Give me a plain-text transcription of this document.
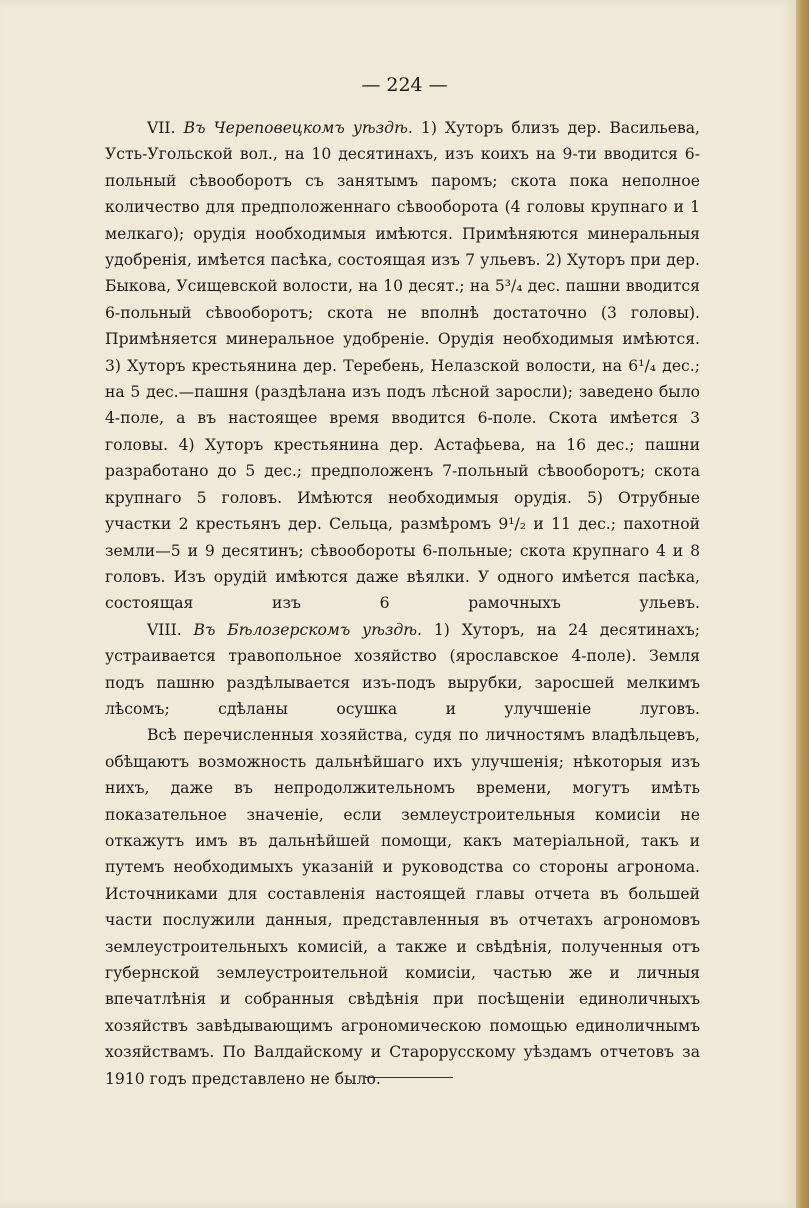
— 224 —

VII. Въ Череповецкомъ уѣздѣ. 1) Хуторъ близъ дер. Васильева, Усть-Угольской вол., на 10 десятинахъ, изъ коихъ на 9-ти вводится 6-польный сѣвооборотъ съ занятымъ паромъ; скота пока неполное количество для предположеннаго сѣвооборота (4 головы крупнаго и 1 мелкаго); орудія нообходимыя имѣются. Примѣняются минеральныя удобренія, имѣется пасѣка, состоящая изъ 7 ульевъ. 2) Хуторъ при дер. Быкова, Усищевской волости, на 10 десят.; на 5³/₄ дес. пашни вводится 6-польный сѣвооборотъ; скота не вполнѣ достаточно (3 головы). Примѣняется минеральное удобреніе. Орудія необходимыя имѣются. 3) Хуторъ крестьянина дер. Теребень, Нелазской волости, на 6¹/₄ дес.; на 5 дес.—пашня (раздѣлана изъ подъ лѣсной заросли); заведено было 4-поле, а въ настоящее время вводится 6-поле. Скота имѣется 3 головы. 4) Хуторъ крестьянина дер. Астафьева, на 16 дес.; пашни разработано до 5 дес.; предположенъ 7-польный сѣвооборотъ; скота крупнаго 5 головъ. Имѣются необходимыя орудія. 5) Отрубные участки 2 крестьянъ дер. Сельца, размѣромъ 9¹/₂ и 11 дес.; пахотной земли—5 и 9 десятинъ; сѣвообороты 6-польные; скота крупнаго 4 и 8 головъ. Изъ орудій имѣются даже вѣялки. У одного имѣется пасѣка, состоящая изъ 6 рамочныхъ ульевъ.

VIII. Въ Бѣлозерскомъ уѣздѣ. 1) Хуторъ, на 24 десятинахъ; устраивается травопольное хозяйство (ярославское 4-поле). Земля подъ пашню раздѣлывается изъ-подъ вырубки, заросшей мелкимъ лѣсомъ; сдѣланы осушка и улучшеніе луговъ.

Всѣ перечисленныя хозяйства, судя по личностямъ владѣльцевъ, обѣщаютъ возможность дальнѣйшаго ихъ улучшенія; нѣкоторыя изъ нихъ, даже въ непродолжительномъ времени, могутъ имѣть показательное значеніе, если землеустроительныя комисіи не откажутъ имъ въ дальнѣйшей помощи, какъ матеріальной, такъ и путемъ необходимыхъ указаній и руководства со стороны агронома. Источниками для составленія настоящей главы отчета въ большей части послужили данныя, представленныя въ отчетахъ агрономовъ землеустроительныхъ комисій, а также и свѣдѣнія, полученныя отъ губернской землеустроительной комисіи, частью же и личныя впечатлѣнія и собранныя свѣдѣнія при посѣщеніи единоличныхъ хозяйствъ завѣдывающимъ агрономическою помощью единоличнымъ хозяйствамъ. По Валдайскому и Старорусскому уѣздамъ отчетовъ за 1910 годъ представлено не было.
